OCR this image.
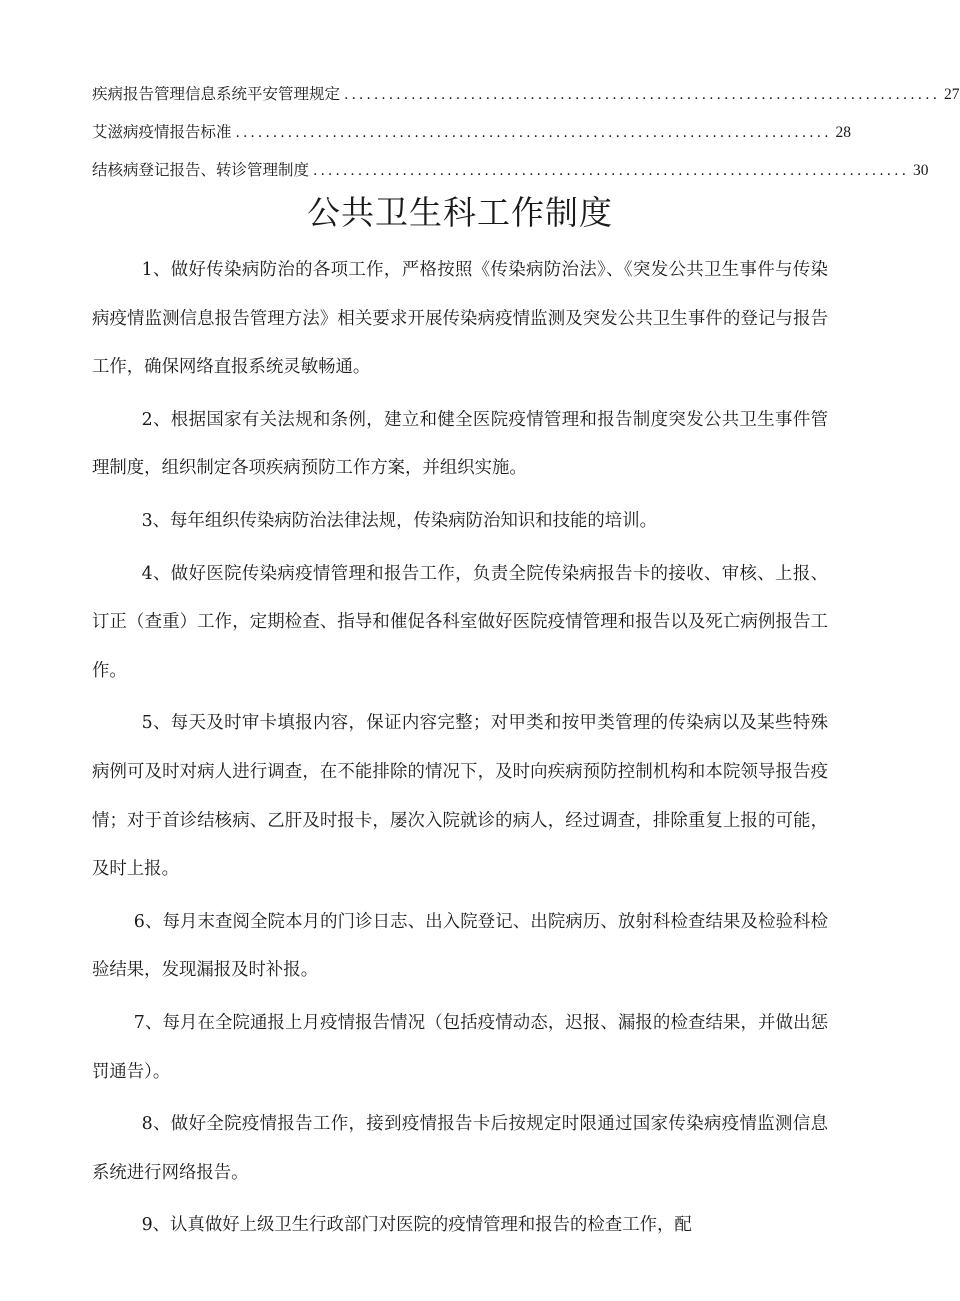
疾病报告管理信息系统平安管理规定 ................................................................................ 27
艾滋病疫情报告标准 ................................................................................ 28
结核病登记报告、转诊管理制度 ................................................................................ 30
公共卫生科工作制度

1、做好传染病防治的各项工作，严格按照《传染病防治法》、《突发公共卫生事件与传染病疫情监测信息报告管理方法》相关要求开展传染病疫情监测及突发公共卫生事件的登记与报告工作，确保网络直报系统灵敏畅通。

2、根据国家有关法规和条例，建立和健全医院疫情管理和报告制度突发公共卫生事件管理制度，组织制定各项疾病预防工作方案，并组织实施。

3、每年组织传染病防治法律法规，传染病防治知识和技能的培训。

4、做好医院传染病疫情管理和报告工作，负责全院传染病报告卡的接收、审核、上报、订正（查重）工作，定期检查、指导和催促各科室做好医院疫情管理和报告以及死亡病例报告工作。

5、每天及时审卡填报内容，保证内容完整；对甲类和按甲类管理的传染病以及某些特殊病例可及时对病人进行调查，在不能排除的情况下，及时向疾病预防控制机构和本院领导报告疫情；对于首诊结核病、乙肝及时报卡，屡次入院就诊的病人，经过调查，排除重复上报的可能，及时上报。

6、每月末查阅全院本月的门诊日志、出入院登记、出院病历、放射科检查结果及检验科检验结果，发现漏报及时补报。

7、每月在全院通报上月疫情报告情况（包括疫情动态，迟报、漏报的检查结果，并做出惩罚通告）。

8、做好全院疫情报告工作，接到疫情报告卡后按规定时限通过国家传染病疫情监测信息系统进行网络报告。

9、认真做好上级卫生行政部门对医院的疫情管理和报告的检查工作，配
